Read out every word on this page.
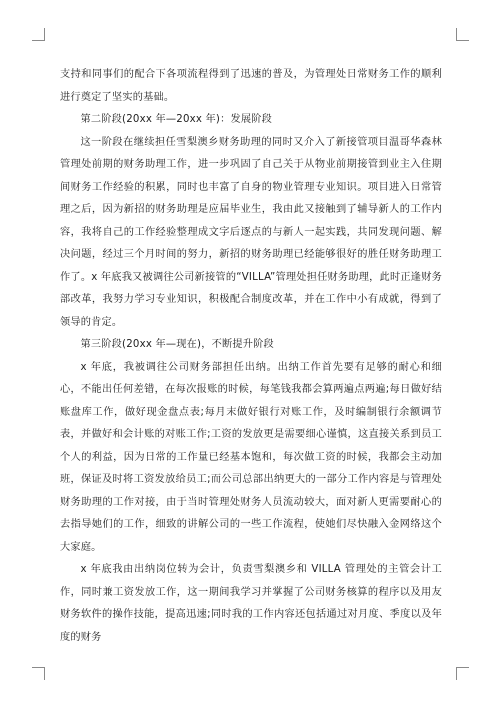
支持和同事们的配合下各项流程得到了迅速的普及，为管理处日常财务工作的顺利进行奠定了坚实的基础。

第二阶段(20xx 年—20xx 年)：发展阶段

这一阶段在继续担任雪梨澳乡财务助理的同时又介入了新接管项目温哥华森林管理处前期的财务助理工作，进一步巩固了自己关于从物业前期接管到业主入住期间财务工作经验的积累，同时也丰富了自身的物业管理专业知识。项目进入日常管理之后，因为新招的财务助理是应届毕业生，我由此又接触到了辅导新人的工作内容，我将自己的工作经验整理成文字后逐点的与新人一起实践，共同发现问题、解决问题，经过三个月时间的努力，新招的财务助理已经能够很好的胜任财务助理工作了。x 年底我又被调往公司新接管的“VILLA”管理处担任财务助理，此时正逢财务部改革，我努力学习专业知识，积极配合制度改革，并在工作中小有成就，得到了领导的肯定。

第三阶段(20xx 年—现在)，不断提升阶段

x 年底，我被调往公司财务部担任出纳。出纳工作首先要有足够的耐心和细心，不能出任何差错，在每次报账的时候，每笔钱我都会算两遍点两遍;每日做好结账盘库工作，做好现金盘点表;每月末做好银行对账工作，及时编制银行余额调节表，并做好和会计账的对账工作;工资的发放更是需要细心谨慎，这直接关系到员工个人的利益，因为日常的工作量已经基本饱和，每次做工资的时候，我都会主动加班，保证及时将工资发放给员工;而公司总部出纳更大的一部分工作内容是与管理处财务助理的工作对接，由于当时管理处财务人员流动较大，面对新人更需要耐心的去指导她们的工作，细致的讲解公司的一些工作流程，使她们尽快融入金网络这个大家庭。

x 年底我由出纳岗位转为会计，负责雪梨澳乡和 VILLA 管理处的主管会计工作，同时兼工资发放工作，这一期间我学习并掌握了公司财务核算的程序以及用友财务软件的操作技能，提高迅速;同时我的工作内容还包括通过对月度、季度以及年度的财务
